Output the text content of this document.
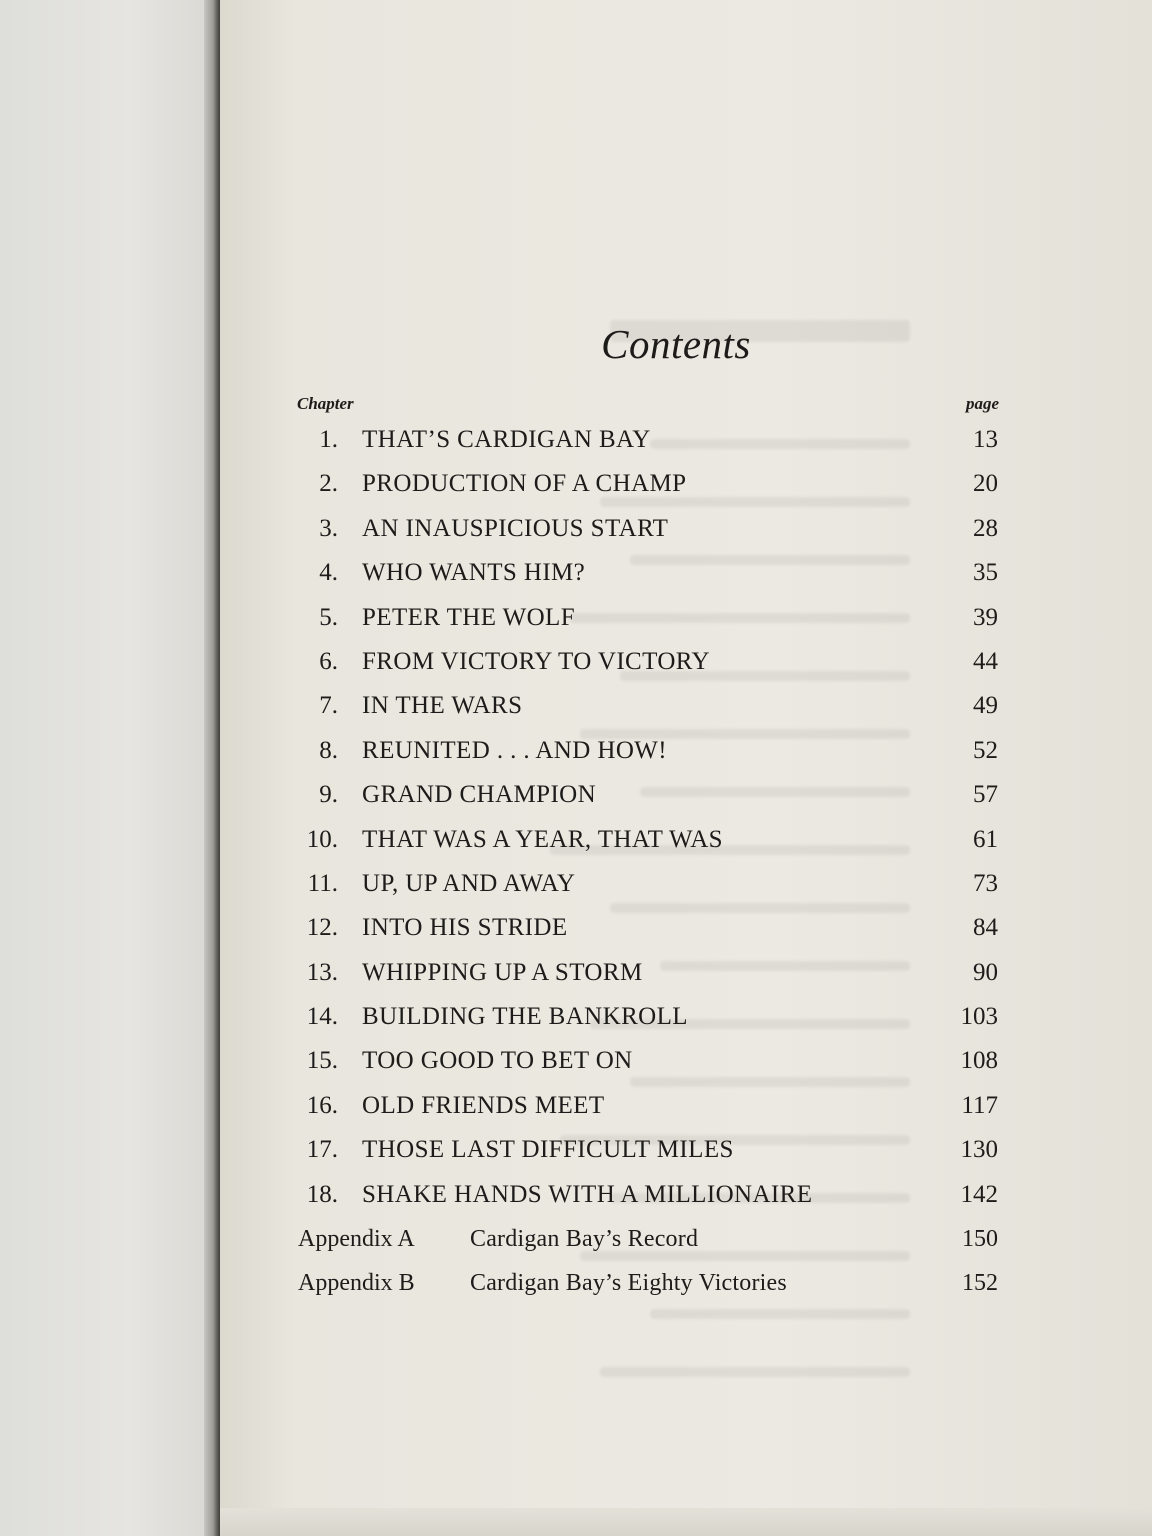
Contents
Chapter	page
1. THAT’S CARDIGAN BAY	13
2. PRODUCTION OF A CHAMP	20
3. AN INAUSPICIOUS START	28
4. WHO WANTS HIM?	35
5. PETER THE WOLF	39
6. FROM VICTORY TO VICTORY	44
7. IN THE WARS	49
8. REUNITED . . . AND HOW!	52
9. GRAND CHAMPION	57
10. THAT WAS A YEAR, THAT WAS	61
11. UP, UP AND AWAY	73
12. INTO HIS STRIDE	84
13. WHIPPING UP A STORM	90
14. BUILDING THE BANKROLL	103
15. TOO GOOD TO BET ON	108
16. OLD FRIENDS MEET	117
17. THOSE LAST DIFFICULT MILES	130
18. SHAKE HANDS WITH A MILLIONAIRE	142
Appendix A Cardigan Bay’s Record	150
Appendix B Cardigan Bay’s Eighty Victories	152
